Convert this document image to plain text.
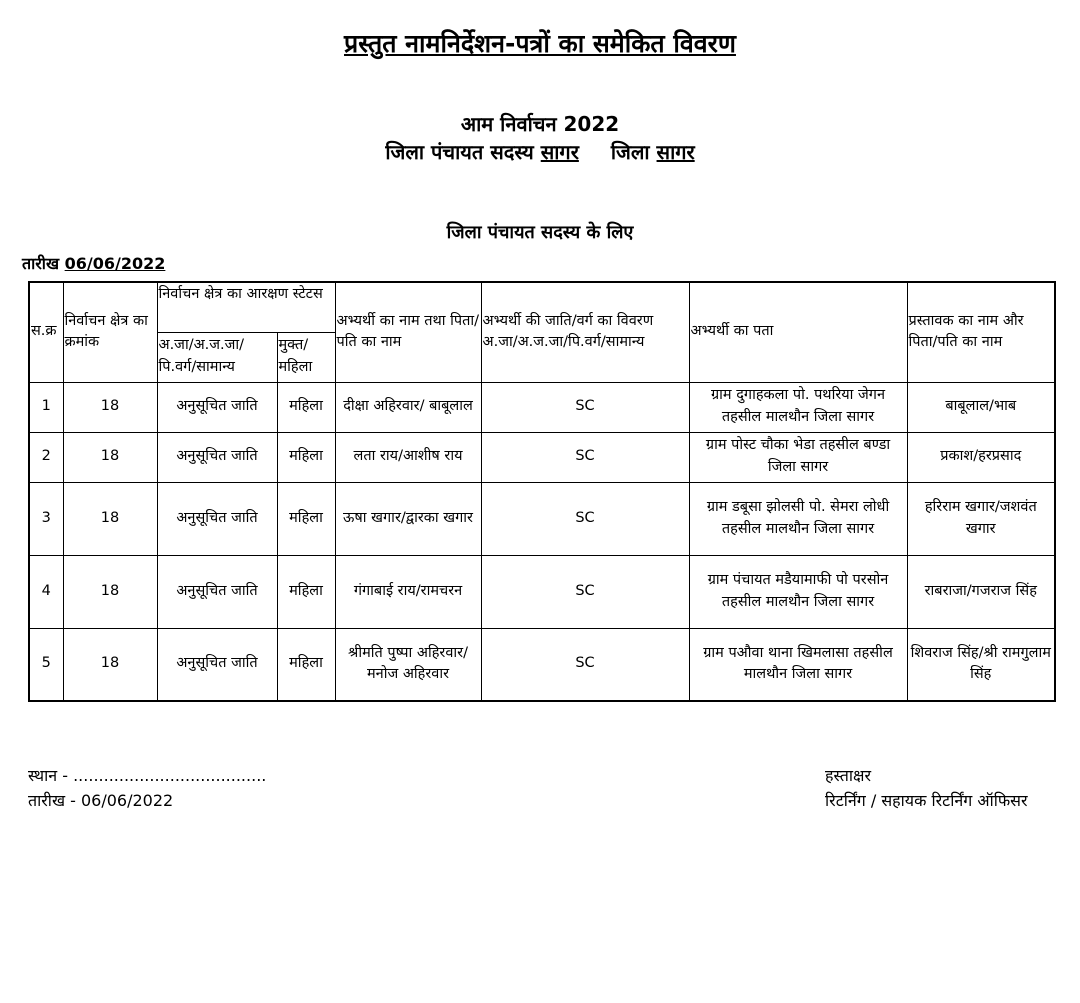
प्रस्तुत नामनिर्देशन-पत्रों का समेकित विवरण
आम निर्वाचन 2022
जिला पंचायत सदस्य सागर जिला सागर
जिला पंचायत सदस्य के लिए
तारीख 06/06/2022
स.क्र	निर्वाचन क्षेत्र का क्रमांक	निर्वाचन क्षेत्र का आरक्षण स्टेटस		अभ्यर्थी का नाम तथा पिता/पति का नाम	अभ्यर्थी की जाति/वर्ग का विवरण अ.जा/अ.ज.जा/पि.वर्ग/सामान्य	अभ्यर्थी का पता	प्रस्तावक का नाम और पिता/पति का नाम
		अ.जा/अ.ज.जा/ पि.वर्ग/सामान्य	मुक्त/ महिला				
1	18	अनुसूचित जाति	महिला	दीक्षा अहिरवार/ बाबूलाल	SC	ग्राम दुगाहकला पो. पथरिया जेगन तहसील मालथौन जिला सागर	बाबूलाल/भाब
2	18	अनुसूचित जाति	महिला	लता राय/आशीष राय	SC	ग्राम पोस्ट चौका भेडा तहसील बण्डा जिला सागर	प्रकाश/हरप्रसाद
3	18	अनुसूचित जाति	महिला	ऊषा खगार/द्वारका खगार	SC	ग्राम डबूसा झोलसी पो. सेमरा लोधी तहसील मालथौन जिला सागर	हरिराम खगार/जशवंत खगार
4	18	अनुसूचित जाति	महिला	गंगाबाई राय/रामचरन	SC	ग्राम पंचायत मडैयामाफी पो परसोन तहसील मालथौन जिला सागर	राबराजा/गजराज सिंह
5	18	अनुसूचित जाति	महिला	श्रीमति पुष्पा अहिरवार/मनोज अहिरवार	SC	ग्राम पऔवा थाना खिमलासा तहसील मालथौन जिला सागर	शिवराज सिंह/श्री रामगुलाम सिंह
स्थान - ......................................
तारीख - 06/06/2022
हस्ताक्षर
रिटर्निंग / सहायक रिटर्निंग ऑफिसर
